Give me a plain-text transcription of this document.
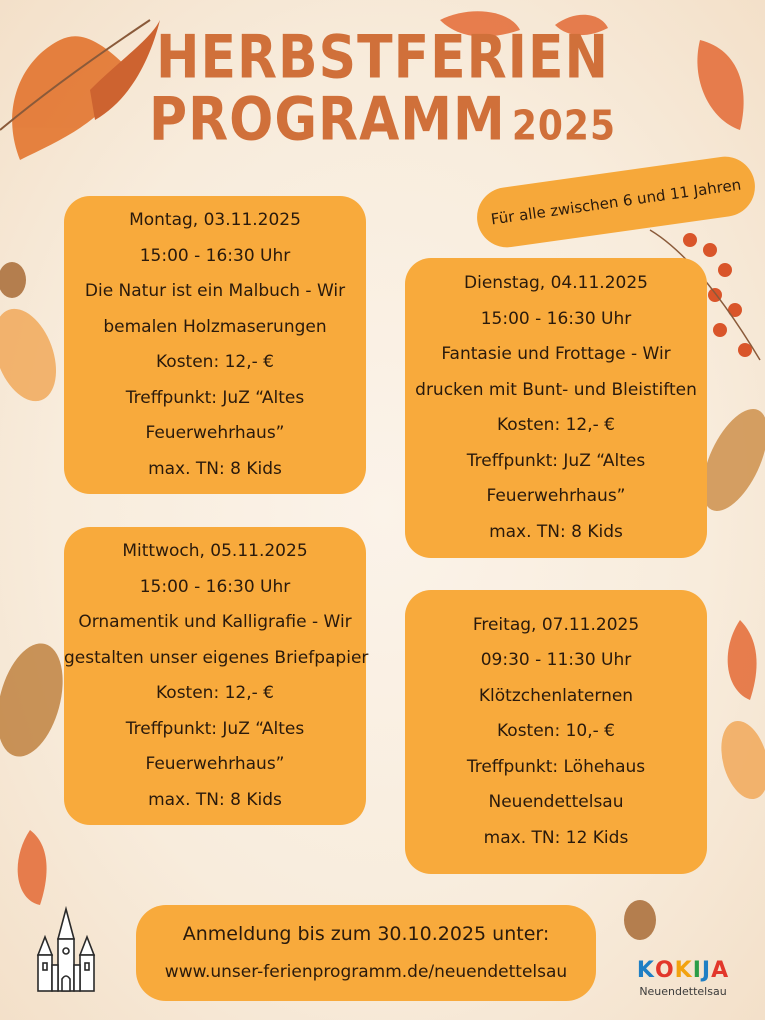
HERBSTFERIEN
PROGRAMM 2025
Für alle zwischen 6 und 11 Jahren
Montag, 03.11.2025
15:00 - 16:30 Uhr
Die Natur ist ein Malbuch - Wir
bemalen Holzmaserungen
Kosten: 12,- €
Treffpunkt: JuZ “Altes
Feuerwehrhaus”
max. TN: 8 Kids
Dienstag, 04.11.2025
15:00 - 16:30 Uhr
Fantasie und Frottage - Wir
drucken mit Bunt- und Bleistiften
Kosten: 12,- €
Treffpunkt: JuZ “Altes
Feuerwehrhaus”
max. TN: 8 Kids
Mittwoch, 05.11.2025
15:00 - 16:30 Uhr
Ornamentik und Kalligrafie - Wir
gestalten unser eigenes Briefpapier
Kosten: 12,- €
Treffpunkt: JuZ “Altes
Feuerwehrhaus”
max. TN: 8 Kids
Freitag, 07.11.2025
09:30 - 11:30 Uhr
Klötzchenlaternen
Kosten: 10,- €
Treffpunkt: Löhehaus
Neuendettelsau
max. TN: 12 Kids
Anmeldung bis zum 30.10.2025 unter:
www.unser-ferienprogramm.de/neuendettelsau	KOKIJA
Neuendettelsau
